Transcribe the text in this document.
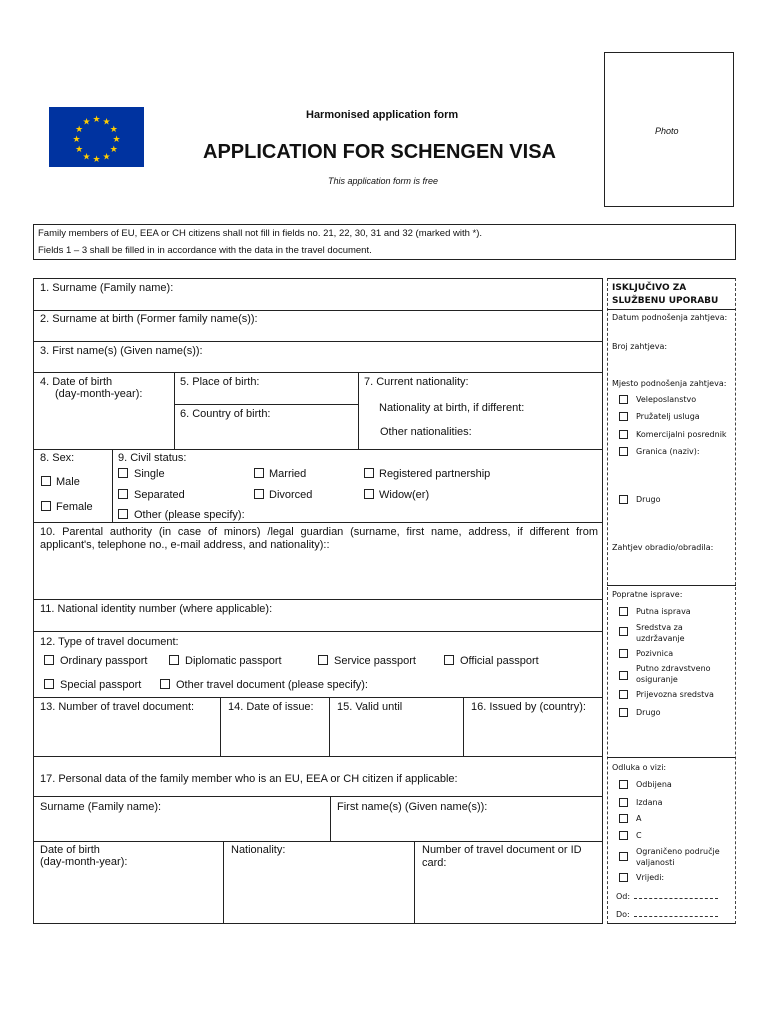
★ ★
★
★
★
★
★
★
★
★
★
★
Harmonised application form
APPLICATION FOR SCHENGEN VISA
This application form is free
Photo
Family members of EU, EEA or CH citizens shall not fill in fields no. 21, 22, 30, 31 and 32 (marked with *).
Fields 1 – 3 shall be filled in in accordance with the data in the travel document.
1. Surname (Family name):
2. Surname at birth (Former family name(s)):
3. First name(s) (Given name(s)):
4. Date of birth
(day-month-year):
5. Place of birth:
6. Country of birth:
7. Current nationality:
Nationality at birth, if different:
Other nationalities:
8. Sex:
Male
Female
9. Civil status:
Single	Married	Registered partnership
Separated	Divorced	Widow(er)
Other (please specify):
10. Parental authority (in case of minors) /legal guardian (surname, first name, address, if different from applicant's, telephone no., e-mail address, and nationality)::
11. National identity number (where applicable):
12. Type of travel document:
Ordinary passport	Diplomatic passport	Service passport	Official passport
Special passport	Other travel document (please specify):
13. Number of travel document:	14. Date of issue: 15. Valid until	16. Issued by (country):
17. Personal data of the family member who is an EU, EEA or CH citizen if applicable:
Surname (Family name):	First name(s) (Given name(s)):
Date of birth
(day-month-year):
Nationality:	Number of travel document or ID card:
ISKLJUČIVO ZA
SLUŽBENU UPORABU
Datum podnošenja zahtjeva:
Broj zahtjeva:
Mjesto podnošenja zahtjeva:
Veleposlanstvo
Pružatelj usluga
Komercijalni posrednik
Granica (naziv):
Drugo
Zahtjev obradio/obradila:
Popratne isprave:
Putna isprava
Sredstva za uzdržavanje
Pozivnica
Putno zdravstveno osiguranje
Prijevozna sredstva
Drugo
Odluka o vizi:
Odbijena
Izdana
A
C
Ograničeno područje valjanosti
Vrijedi:
Od:
Do:
